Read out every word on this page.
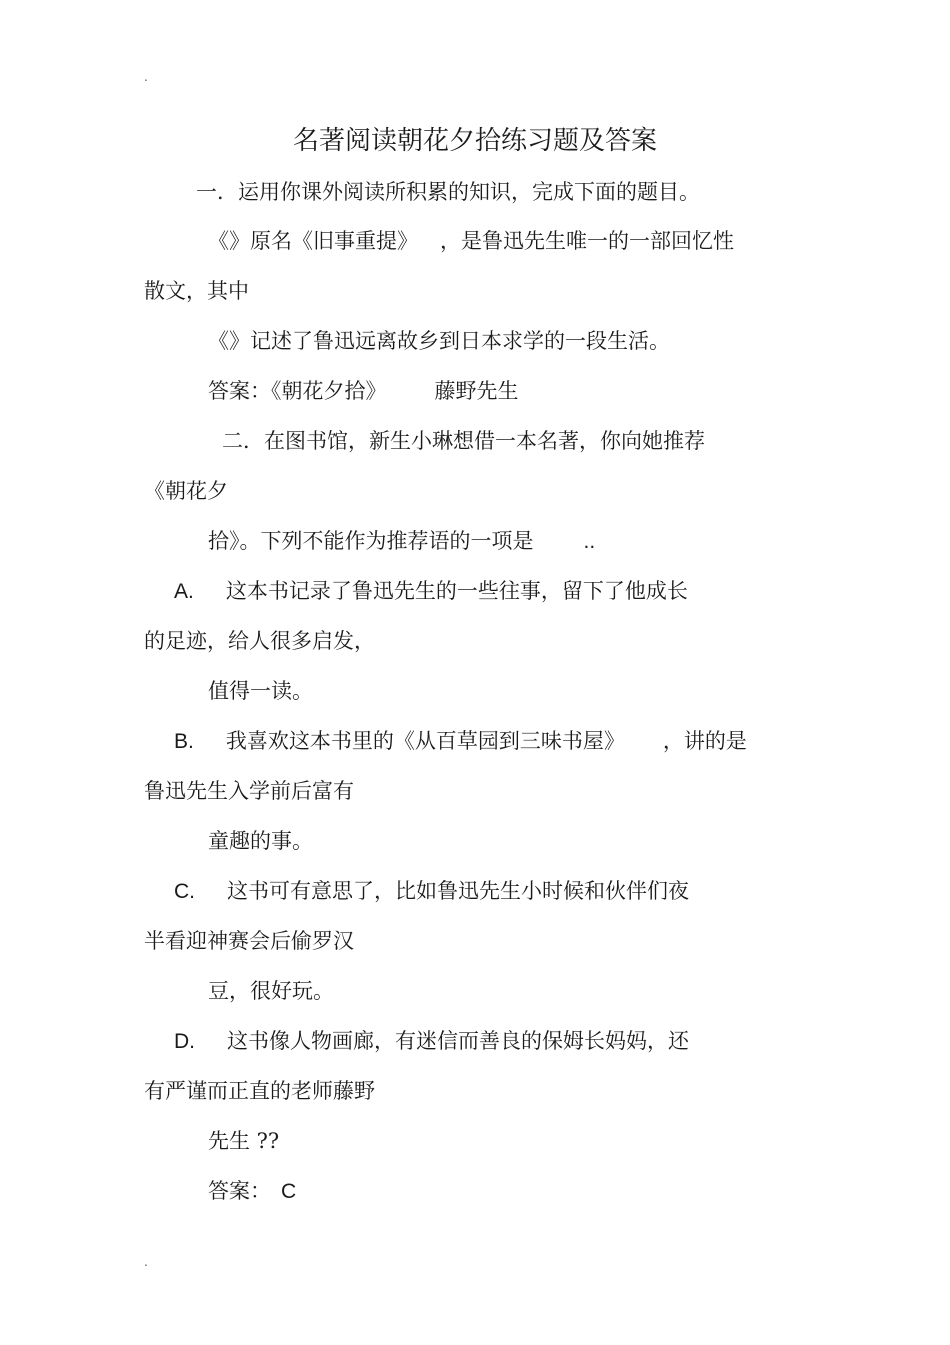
.
名著阅读朝花夕拾练习题及答案
一．运用你课外阅读所积累的知识，完成下面的题目。
《》原名《旧事重提》 ，是鲁迅先生唯一的一部回忆性
散文，其中
《》记述了鲁迅远离故乡到日本求学的一段生活。
答案：《朝花夕拾》 藤野先生
二．在图书馆，新生小琳想借一本名著，你向她推荐
《朝花夕
拾》。下列不能作为推荐语的一项是 ..
A. 这本书记录了鲁迅先生的一些往事，留下了他成长
的足迹，给人很多启发，
值得一读。
B. 我喜欢这本书里的《从百草园到三味书屋》 ，讲的是
鲁迅先生入学前后富有
童趣的事。
C. 这书可有意思了，比如鲁迅先生小时候和伙伴们夜
半看迎神赛会后偷罗汉
豆，很好玩。
D. 这书像人物画廊，有迷信而善良的保姆长妈妈，还
有严谨而正直的老师藤野
先生 ??
答案： C
.
